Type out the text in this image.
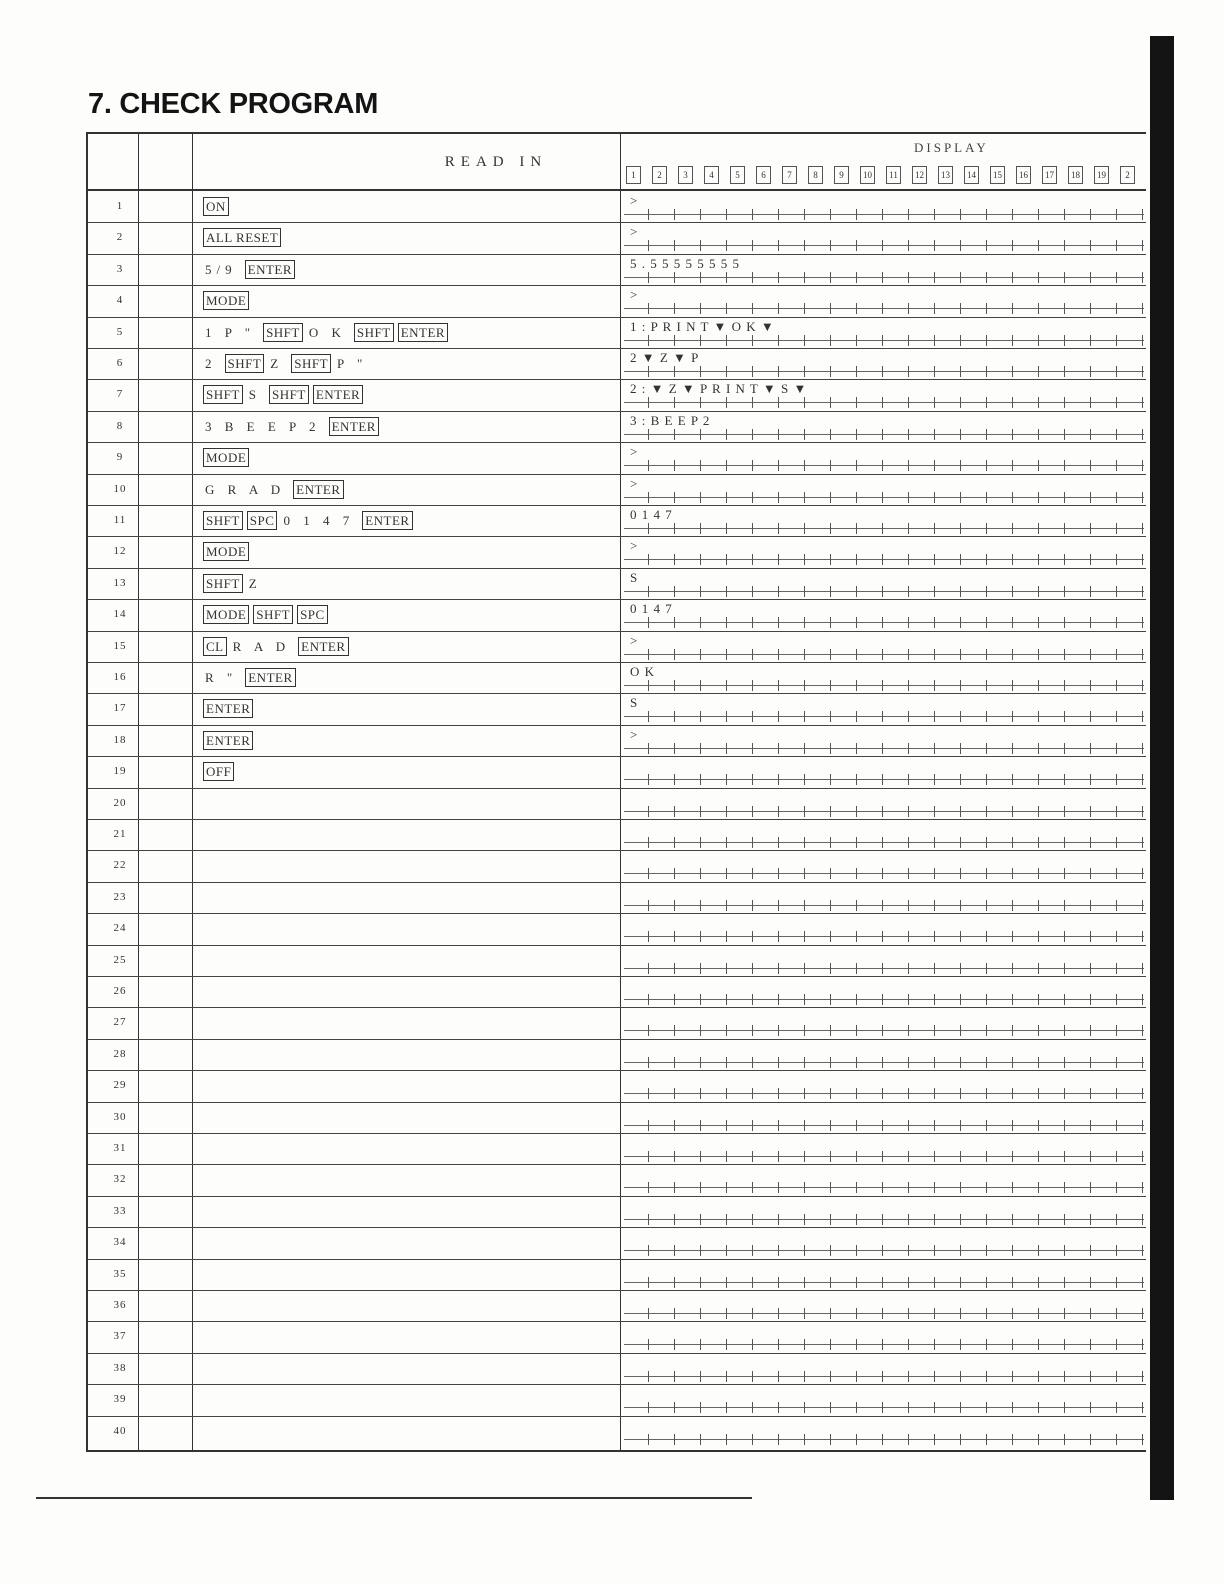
7. CHECK PROGRAM
READ IN
DISPLAY
1	2	3	4	5	6	7	8	9	10	11	12	13	14	15	16	17	18	19	2
1	ON	>
2	ALL RESET	>
3	5/9 ENTER	5 . 5 5 5 5 5 5 5 5
4	MODE	>
5	1 P " SHFT O K SHFT ENTER	1 : P R I N T ▼ O K ▼
6	2 SHFT Z SHFT P "	2 ▼ Z ▼ P
7	SHFT S SHFT ENTER	2 : ▼ Z ▼ P R I N T ▼ S ▼
8	3 B E E P 2 ENTER	3 : B E E P 2
9	MODE	>
10	G R A D ENTER	>
11	SHFT SPC 0 1 4 7 ENTER	0 1 4 7
12	MODE	>
13	SHFT Z	S
14	MODE SHFT SPC	0 1 4 7
15	CL R A D ENTER	>
16	R " ENTER	O K
17	ENTER	S
18	ENTER	>
19	OFF
20
21
22
23
24
25
26
27
28
29
30
31
32
33
34
35
36
37
38
39
40
